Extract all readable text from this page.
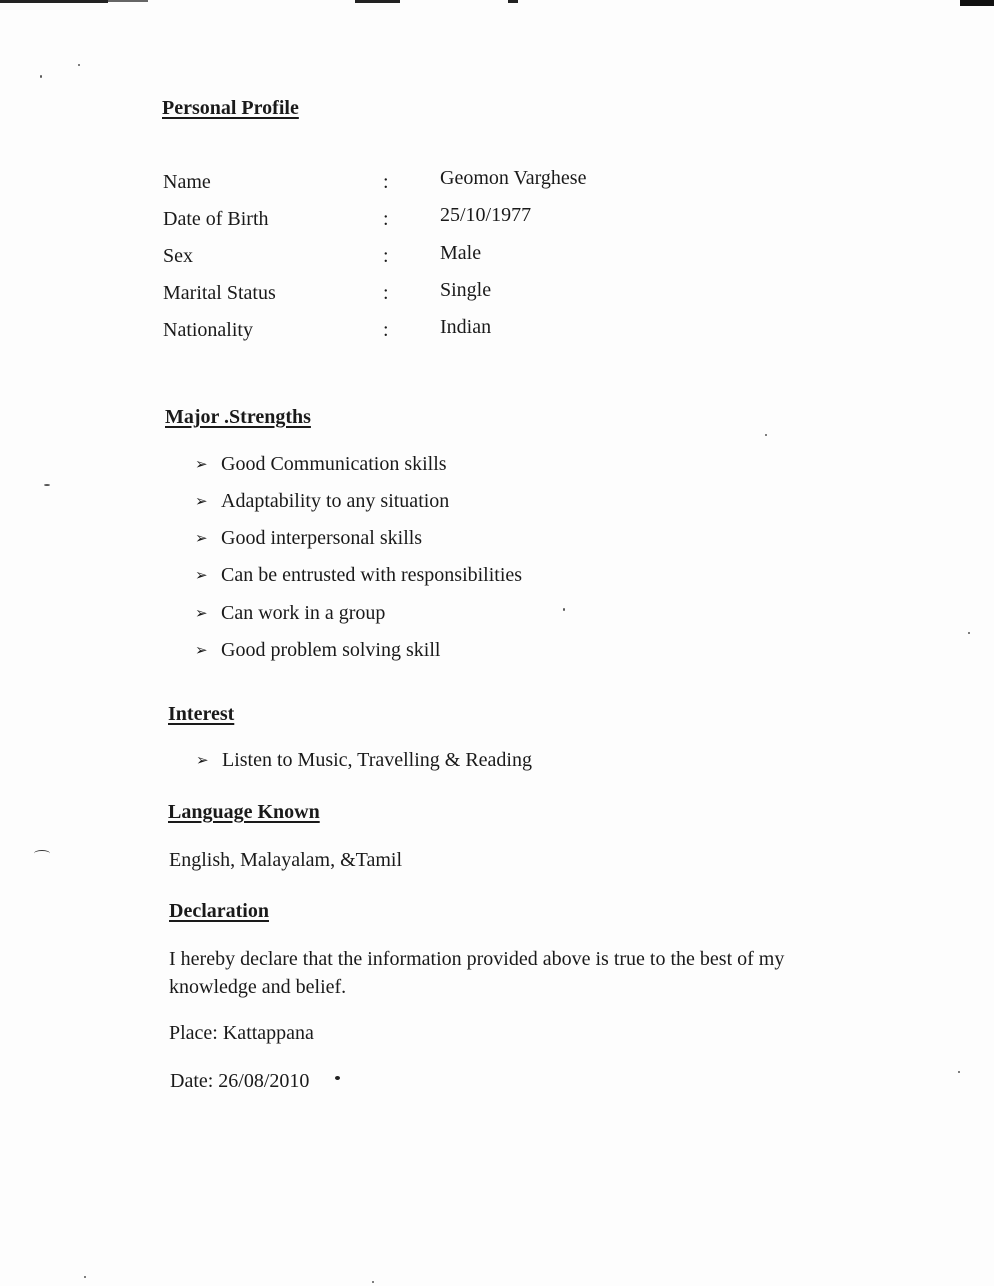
Personal Profile
Name	:	Geomon Varghese
Date of Birth	:	25/10/1977
Sex	:	Male
Marital Status	:	Single
Nationality	:	Indian
Major .Strengths
➢ Good Communication skills
➢ Adaptability to any situation
➢ Good interpersonal skills
➢ Can be entrusted with responsibilities
➢ Can work in a group
➢ Good problem solving skill
Interest
➢ Listen to Music, Travelling & Reading
Language Known
English, Malayalam, &Tamil
Declaration
I hereby declare that the information provided above is true to the best of my knowledge and belief.
Place: Kattappana
Date: 26/08/2010
